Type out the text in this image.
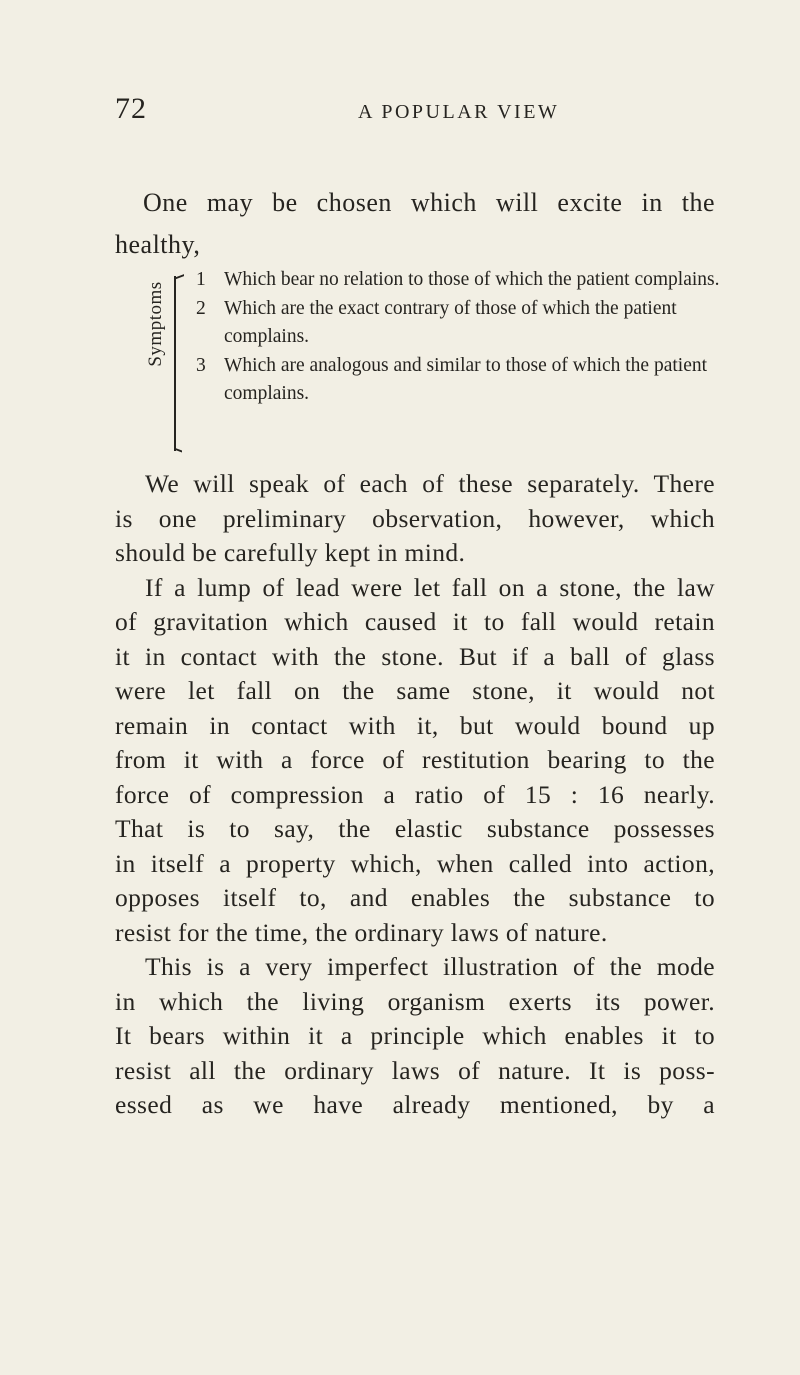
72	A POPULAR VIEW
One may be chosen which will excite in the
healthy,
Symptoms
1 Which bear no relation to those of which the patient complains.
2 Which are the exact contrary of those of which the patient complains.
3 Which are analogous and similar to those of which the patient complains.

We will speak of each of these separately. There
is one preliminary observation, however, which
should be carefully kept in mind.

If a lump of lead were let fall on a stone, the law
of gravitation which caused it to fall would retain
it in contact with the stone. But if a ball of glass
were let fall on the same stone, it would not
remain in contact with it, but would bound up
from it with a force of restitution bearing to the
force of compression a ratio of 15 : 16 nearly.
That is to say, the elastic substance possesses
in itself a property which, when called into action,
opposes itself to, and enables the substance to
resist for the time, the ordinary laws of nature.

This is a very imperfect illustration of the mode
in which the living organism exerts its power.
It bears within it a principle which enables it to
resist all the ordinary laws of nature. It is poss-
essed as we have already mentioned, by a
